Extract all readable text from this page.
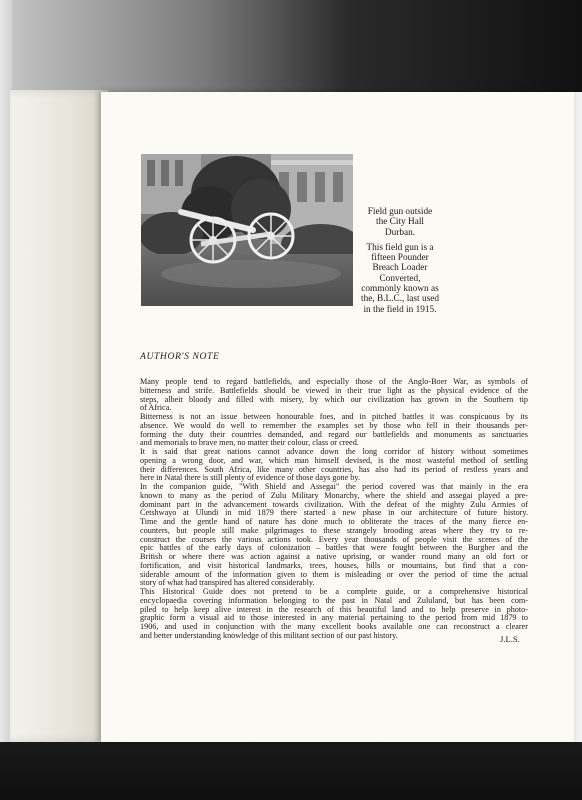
Field gun outside the City Hall Durban.

This field gun is a fifteen Pounder Breach Loader Converted, commonly known as the, B.L.C., last used in the field in 1915.

AUTHOR'S NOTE
Many people tend to regard battlefields, and especially those of the Anglo-Boer War, as symbols of
bitterness and strife. Battlefields should be viewed in their true light as the physical evidence of the
steps, albeit bloody and filled with misery, by which our civilization has grown in the Southern tip
of Africa.
Bitterness is not an issue between honourable foes, and in pitched battles it was conspicuous by its
absence. We would do well to remember the examples set by those who fell in their thousands per-
forming the duty their countries demanded, and regard our battlefields and monuments as sanctuaries
and memorials to brave men, no matter their colour, class or creed.
It is said that great nations cannot advance down the long corridor of history without sometimes
opening a wrong door, and war, which man himself devised, is the most wasteful method of settling
their differences. South Africa, like many other countries, has also had its period of restless years and
here in Natal there is still plenty of evidence of those days gone by.
In the companion guide, "With Shield and Assegai" the period covered was that mainly in the era
known to many as the period of Zulu Military Monarchy, where the shield and assegai played a pre-
dominant part in the advancement towards civilization. With the defeat of the mighty Zulu Armies of
Cetshwayo at Ulundi in mid 1879 there started a new phase in our architecture of future history.
Time and the gentle hand of nature has done much to obliterate the traces of the many fierce en-
counters, but people still make pilgrimages to these strangely brooding areas where they try to re-
construct the courses the various actions took. Every year thousands of people visit the scenes of the
epic battles of the early days of colonization – battles that were fought between the Burgher and the
British or where there was action against a native uprising, or wander round many an old fort or
fortification, and visit historical landmarks, trees, houses, hills or mountains, but find that a con-
siderable amount of the information given to them is misleading or over the period of time the actual
story of what had transpired has altered considerably.
This Historical Guide does not pretend to be a complete guide, or a comprehensive historical
encyclopaedia covering information belonging to the past in Natal and Zululand, but has been com-
piled to help keep alive interest in the research of this beautiful land and to help preserve in photo-
graphic form a visual aid to those interested in any material pertaining to the period from mid 1879 to
1906, and used in conjunction with the many excellent books available one can reconstruct a clearer
and better understanding knowledge of this militant section of our past history.	J.L.S.
